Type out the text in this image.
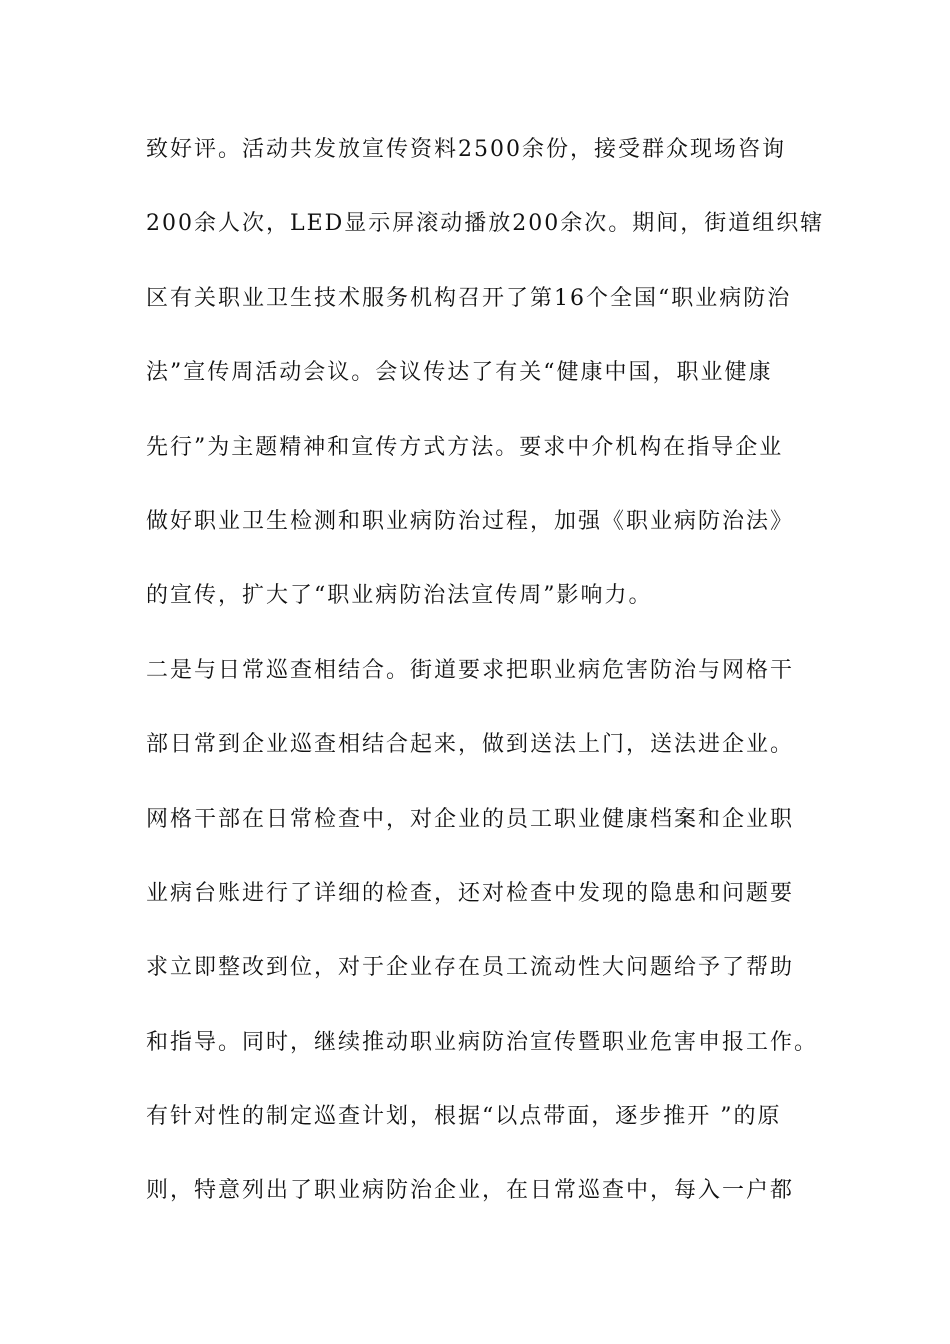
致好评。活动共发放宣传资料2500余份，接受群众现场咨询
200余人次，LED显示屏滚动播放200余次。期间，街道组织辖
区有关职业卫生技术服务机构召开了第16个全国“职业病防治
法”宣传周活动会议。会议传达了有关“健康中国，职业健康
先行”为主题精神和宣传方式方法。要求中介机构在指导企业
做好职业卫生检测和职业病防治过程，加强《职业病防治法》
的宣传，扩大了“职业病防治法宣传周”影响力。
二是与日常巡查相结合。街道要求把职业病危害防治与网格干
部日常到企业巡查相结合起来，做到送法上门，送法进企业。
网格干部在日常检查中，对企业的员工职业健康档案和企业职
业病台账进行了详细的检查，还对检查中发现的隐患和问题要
求立即整改到位，对于企业存在员工流动性大问题给予了帮助
和指导。同时，继续推动职业病防治宣传暨职业危害申报工作。
有针对性的制定巡查计划，根据“以点带面，逐步推开 ”的原
则，特意列出了职业病防治企业，在日常巡查中，每入一户都
